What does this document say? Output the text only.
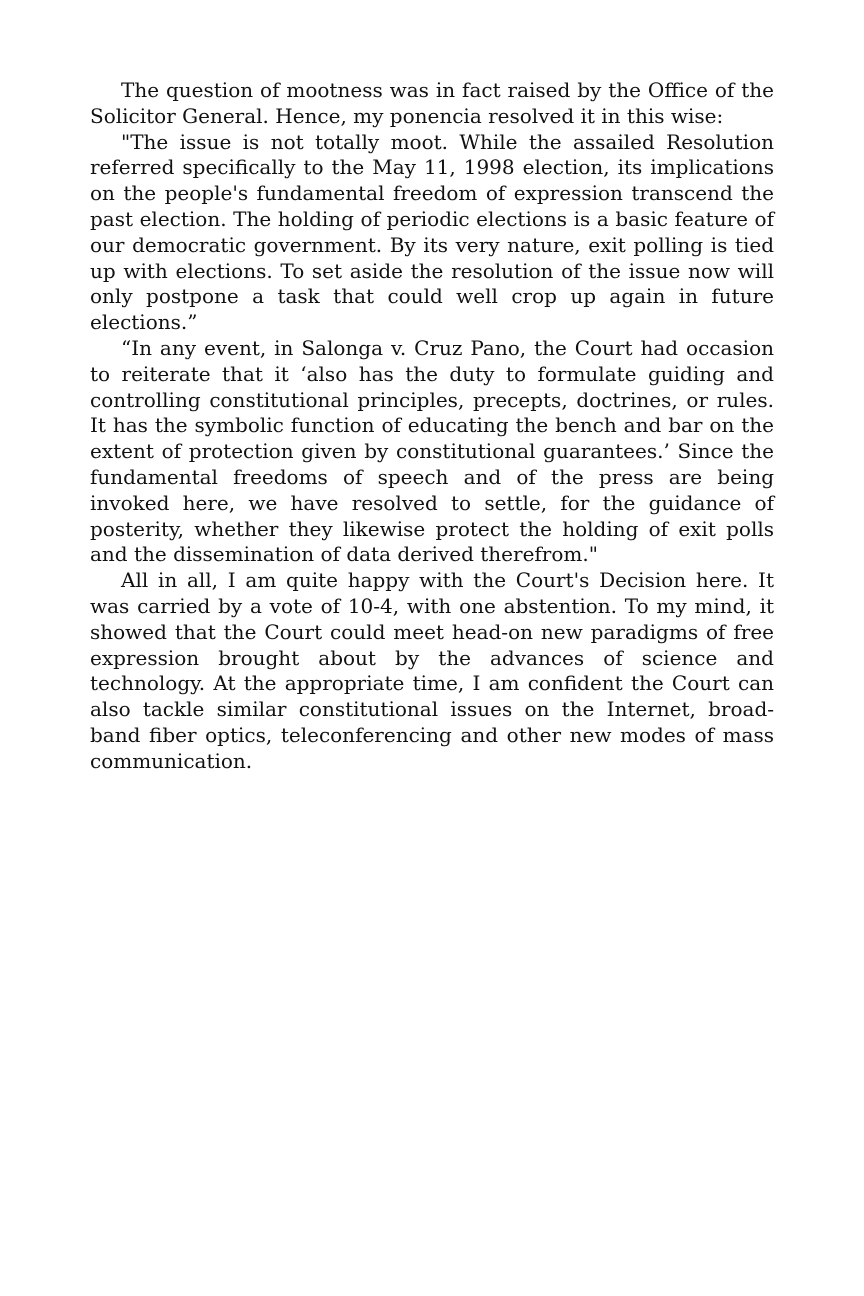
The question of mootness was in fact raised by the Office of the Solicitor General. Hence, my ponencia resolved it in this wise:

"The issue is not totally moot. While the assailed Resolution referred specifically to the May 11, 1998 election, its implications on the people's fundamental freedom of expression transcend the past election. The holding of periodic elections is a basic feature of our democratic government. By its very nature, exit polling is tied up with elections. To set aside the resolution of the issue now will only postpone a task that could well crop up again in future elections.”

“In any event, in Salonga v. Cruz Pano, the Court had occasion to reiterate that it ‘also has the duty to formulate guiding and controlling constitutional principles, precepts, doctrines, or rules. It has the symbolic function of educating the bench and bar on the extent of protection given by constitutional guarantees.’ Since the fundamental freedoms of speech and of the press are being invoked here, we have resolved to settle, for the guidance of posterity, whether they likewise protect the holding of exit polls and the dissemination of data derived therefrom."

All in all, I am quite happy with the Court's Decision here. It was carried by a vote of 10-4, with one abstention. To my mind, it showed that the Court could meet head-on new paradigms of free expression brought about by the advances of science and technology. At the appropriate time, I am confident the Court can also tackle similar constitutional issues on the Internet, broad-band fiber optics, teleconferencing and other new modes of mass communication.
